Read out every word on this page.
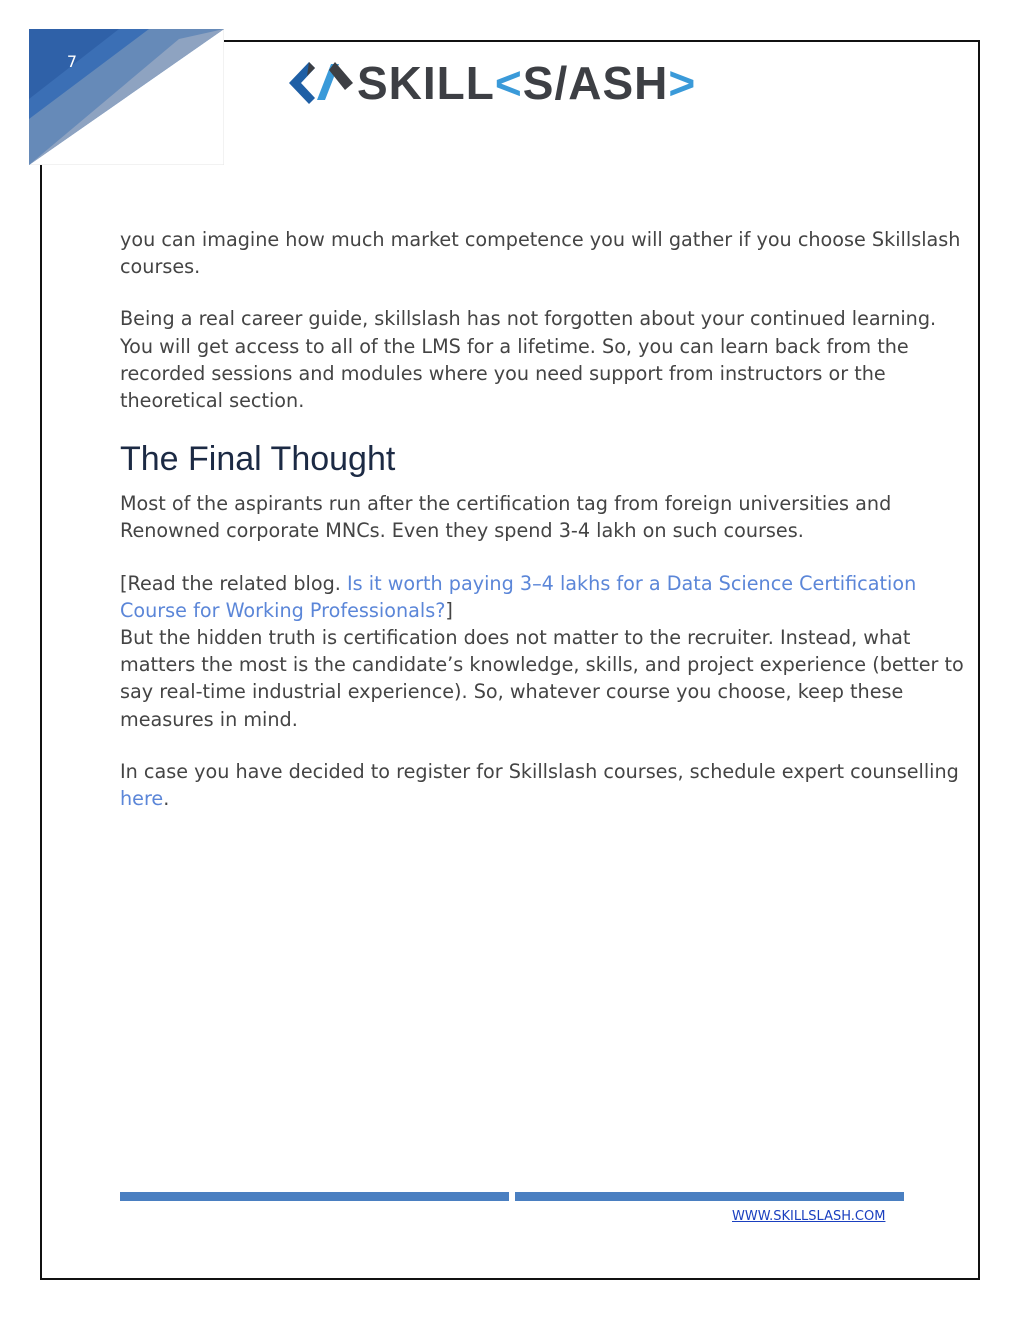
7	SKILL<S/ASH>

you can imagine how much market competence you will gather if you choose Skillslash courses.

Being a real career guide, skillslash has not forgotten about your continued learning. You will get access to all of the LMS for a lifetime. So, you can learn back from the recorded sessions and modules where you need support from instructors or the theoretical section.

The Final Thought

Most of the aspirants run after the certification tag from foreign universities and Renowned corporate MNCs. Even they spend 3-4 lakh on such courses.

[Read the related blog. Is it worth paying 3–4 lakhs for a Data Science Certification Course for Working Professionals?]

But the hidden truth is certification does not matter to the recruiter. Instead, what matters the most is the candidate’s knowledge, skills, and project experience (better to say real-time industrial experience). So, whatever course you choose, keep these measures in mind.

In case you have decided to register for Skillslash courses, schedule expert counselling here.

WWW.SKILLSLASH.COM
